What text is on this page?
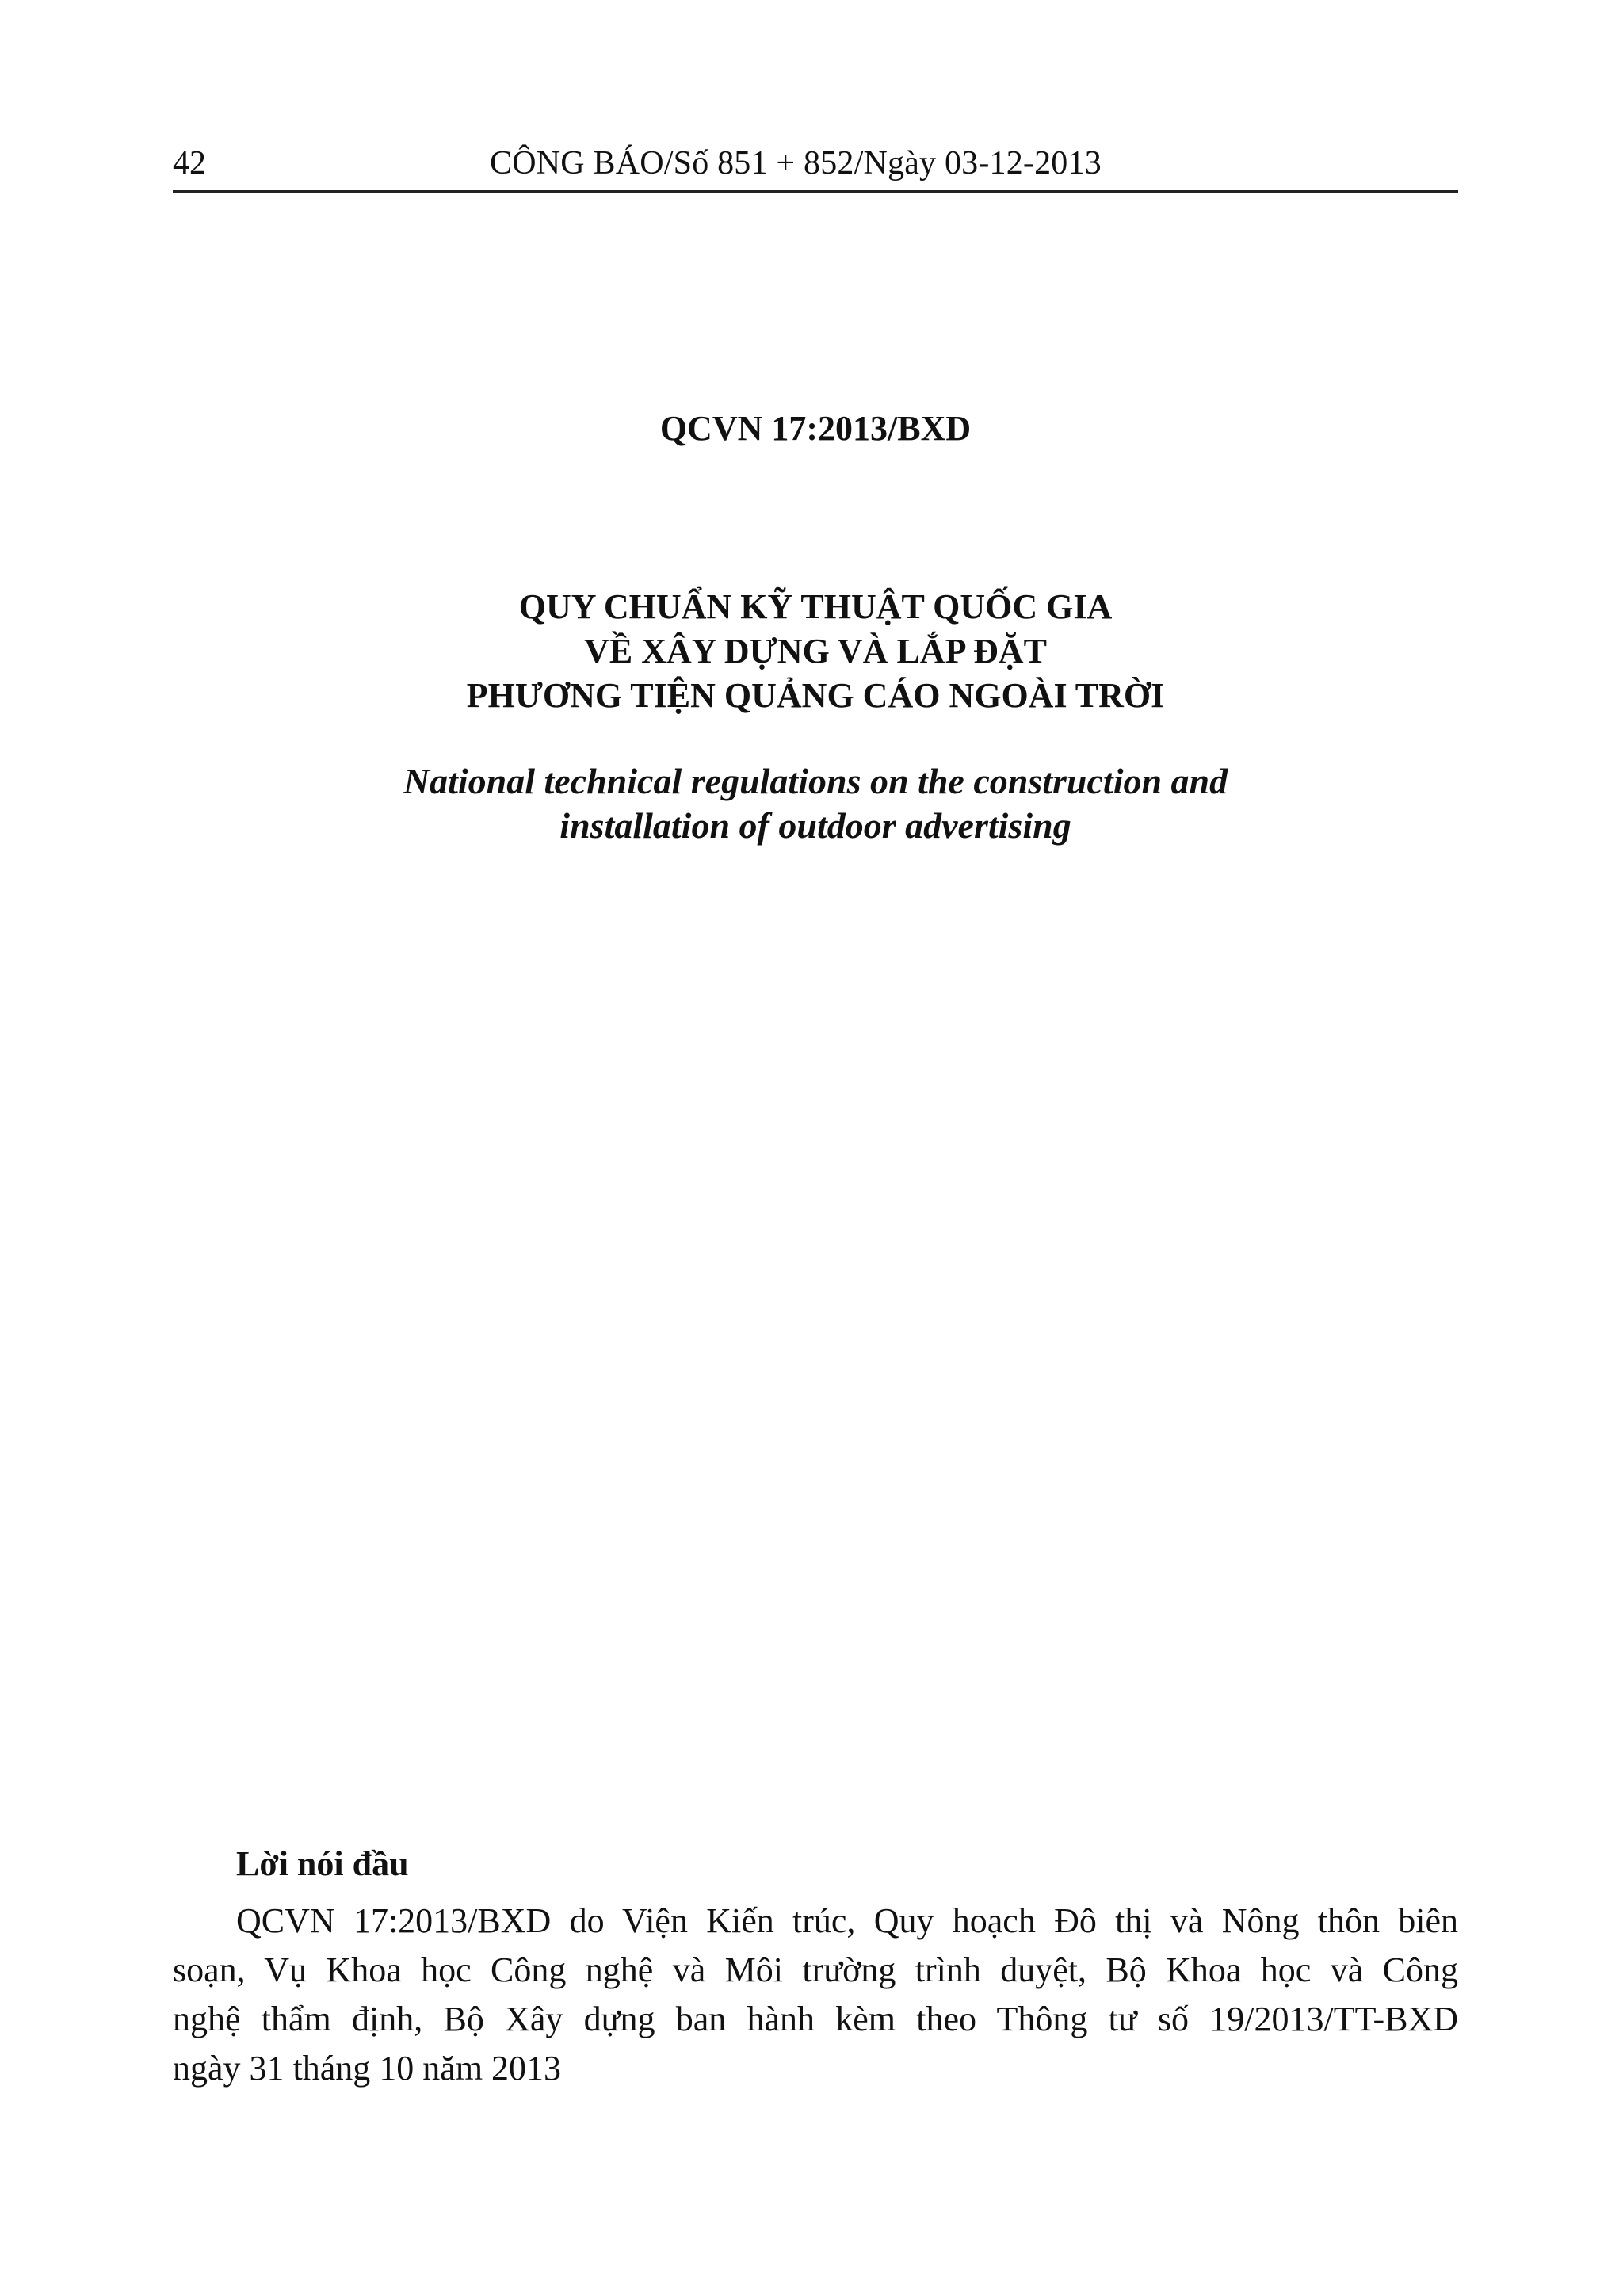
42	CÔNG BÁO/Số 851 + 852/Ngày 03-12-2013
QCVN 17:2013/BXD
QUY CHUẨN KỸ THUẬT QUỐC GIA
VỀ XÂY DỰNG VÀ LẮP ĐẶT
PHƯƠNG TIỆN QUẢNG CÁO NGOÀI TRỜI
National technical regulations on the construction and
installation of outdoor advertising
Lời nói đầu
QCVN 17:2013/BXD do Viện Kiến trúc, Quy hoạch Đô thị và Nông thôn biên
soạn, Vụ Khoa học Công nghệ và Môi trường trình duyệt, Bộ Khoa học và Công
nghệ thẩm định, Bộ Xây dựng ban hành kèm theo Thông tư số 19/2013/TT-BXD
ngày 31 tháng 10 năm 2013
